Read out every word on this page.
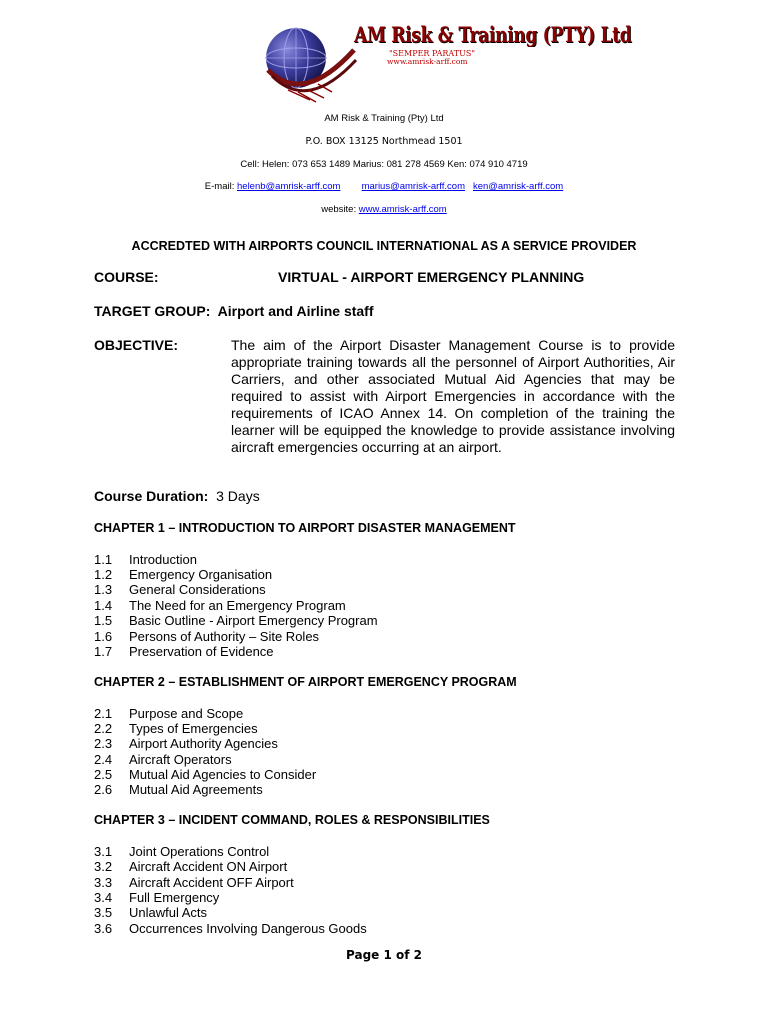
AM Risk & Training (PTY) Ltd
"SEMPER PARATUS"
www.amrisk-arff.com
AM Risk & Training (Pty) Ltd
P.O. BOX 13125 Northmead 1501
Cell: Helen: 073 653 1489 Marius: 081 278 4569 Ken: 074 910 4719
E-mail: helenb@amrisk-arff.com marius@amrisk-arff.com ken@amrisk-arff.com
website: www.amrisk-arff.com
ACCREDTED WITH AIRPORTS COUNCIL INTERNATIONAL AS A SERVICE PROVIDER
COURSE:	VIRTUAL - AIRPORT EMERGENCY PLANNING
TARGET GROUP: Airport and Airline staff
OBJECTIVE:	The aim of the Airport Disaster Management Course is to provide appropriate training towards all the personnel of Airport Authorities, Air Carriers, and other associated Mutual Aid Agencies that may be required to assist with Airport Emergencies in accordance with the requirements of ICAO Annex 14. On completion of the training the learner will be equipped the knowledge to provide assistance involving aircraft emergencies occurring at an airport.
Course Duration: 3 Days
CHAPTER 1 – INTRODUCTION TO AIRPORT DISASTER MANAGEMENT
1.1 Introduction
1.2 Emergency Organisation
1.3 General Considerations
1.4 The Need for an Emergency Program
1.5 Basic Outline - Airport Emergency Program
1.6 Persons of Authority – Site Roles
1.7 Preservation of Evidence
CHAPTER 2 – ESTABLISHMENT OF AIRPORT EMERGENCY PROGRAM
2.1 Purpose and Scope
2.2 Types of Emergencies
2.3 Airport Authority Agencies
2.4 Aircraft Operators
2.5 Mutual Aid Agencies to Consider
2.6 Mutual Aid Agreements
CHAPTER 3 – INCIDENT COMMAND, ROLES & RESPONSIBILITIES
3.1 Joint Operations Control
3.2 Aircraft Accident ON Airport
3.3 Aircraft Accident OFF Airport
3.4 Full Emergency
3.5 Unlawful Acts
3.6 Occurrences Involving Dangerous Goods
Page 1 of 2
